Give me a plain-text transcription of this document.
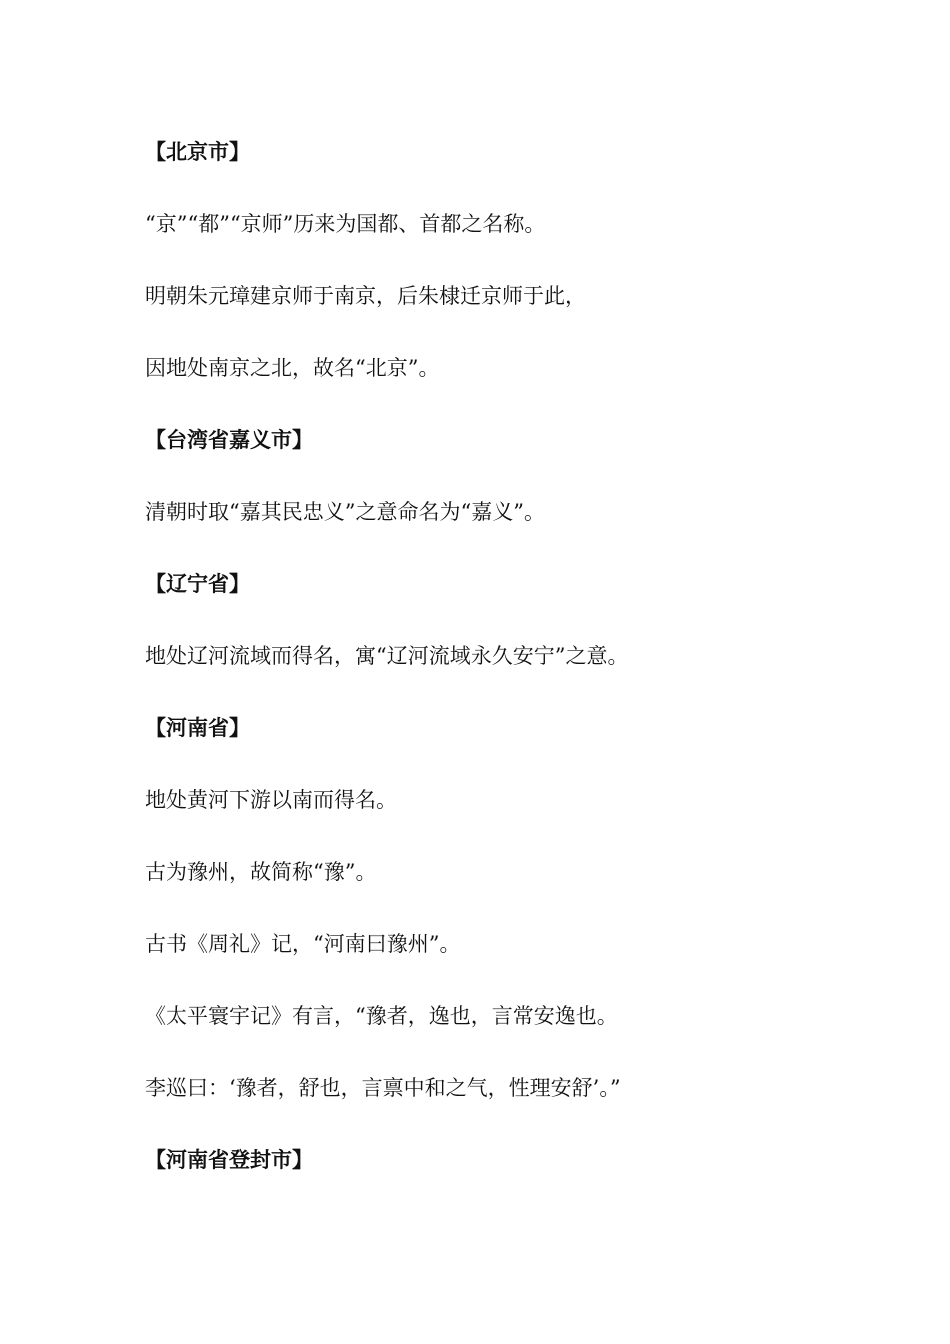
【北京市】

“京”“都”“京师”历来为国都、首都之名称。

明朝朱元璋建京师于南京，后朱棣迁京师于此，

因地处南京之北，故名“北京”。

【台湾省嘉义市】

清朝时取“嘉其民忠义”之意命名为“嘉义”。

【辽宁省】

地处辽河流域而得名，寓“辽河流域永久安宁”之意。

【河南省】

地处黄河下游以南而得名。

古为豫州，故简称“豫”。

古书《周礼》记，“河南曰豫州”。

《太平寰宇记》有言，“豫者，逸也，言常安逸也。

李巡曰：‘豫者，舒也，言禀中和之气，性理安舒’。”

【河南省登封市】
